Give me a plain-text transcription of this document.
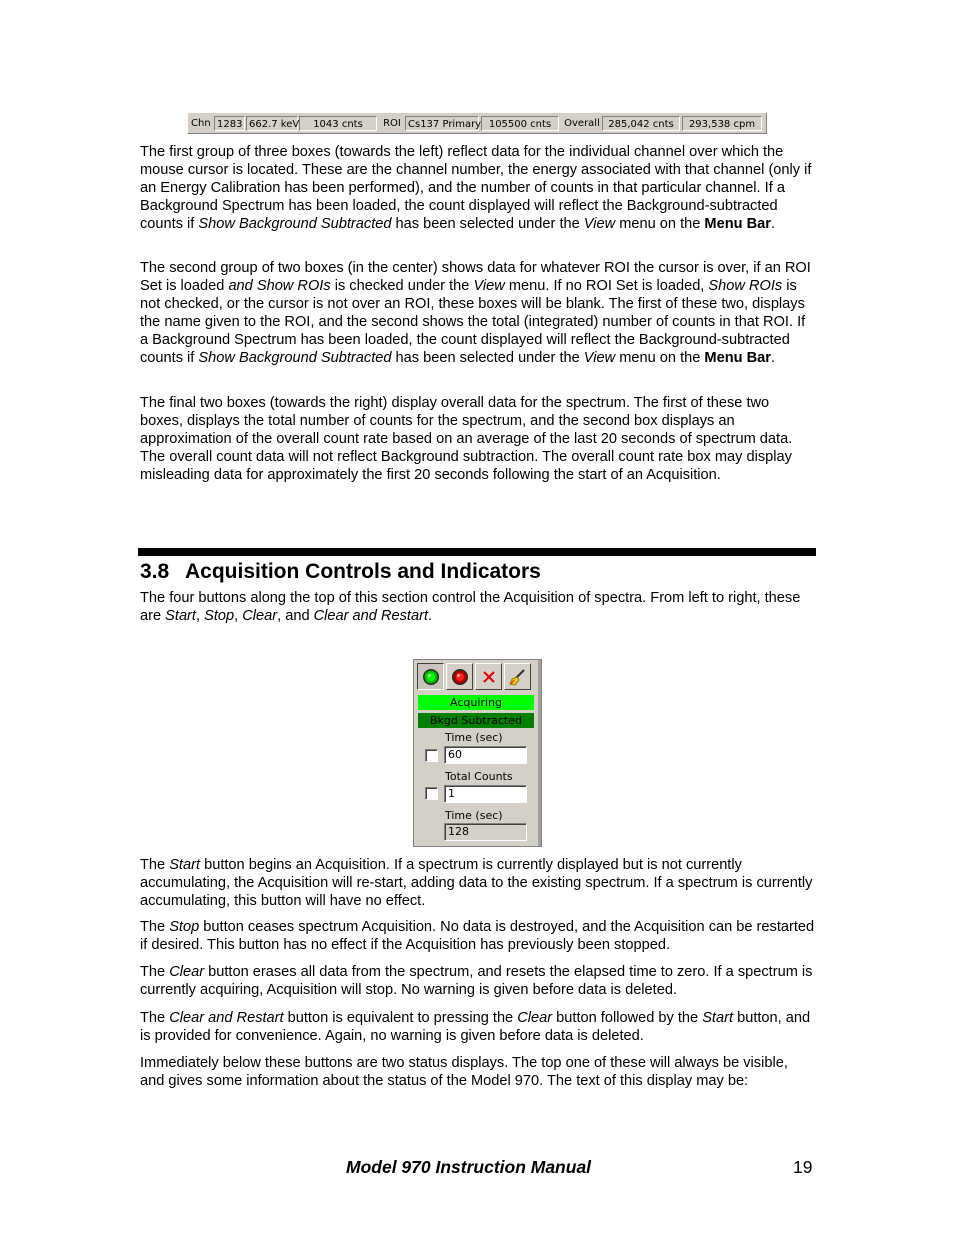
Chn 1283 662.7 keV	1043 cnts	ROI Cs137 Primary 105500 cnts	Overall 285,042 cnts	293,538 cpm

The first group of three boxes (towards the left) reflect data for the individual channel over which the mouse cursor is located. These are the channel number, the energy associated with that channel (only if an Energy Calibration has been performed), and the number of counts in that particular channel. If a Background Spectrum has been loaded, the count displayed will reflect the Background-subtracted counts if Show Background Subtracted has been selected under the View menu on the Menu Bar.

The second group of two boxes (in the center) shows data for whatever ROI the cursor is over, if an ROI Set is loaded and Show ROIs is checked under the View menu. If no ROI Set is loaded, Show ROIs is not checked, or the cursor is not over an ROI, these boxes will be blank. The first of these two, displays the name given to the ROI, and the second shows the total (integrated) number of counts in that ROI. If a Background Spectrum has been loaded, the count displayed will reflect the Background-subtracted counts if Show Background Subtracted has been selected under the View menu on the Menu Bar.

The final two boxes (towards the right) display overall data for the spectrum. The first of these two boxes, displays the total number of counts for the spectrum, and the second box displays an approximation of the overall count rate based on an average of the last 20 seconds of spectrum data. The overall count data will not reflect Background subtraction. The overall count rate box may display misleading data for approximately the first 20 seconds following the start of an Acquisition.

3.8 Acquisition Controls and Indicators

The four buttons along the top of this section control the Acquisition of spectra. From left to right, these are Start, Stop, Clear, and Clear and Restart.

Acquiring
Bkgd Subtracted
Time (sec)
60
Total Counts
1
Time (sec)
128

The Start button begins an Acquisition. If a spectrum is currently displayed but is not currently accumulating, the Acquisition will re-start, adding data to the existing spectrum. If a spectrum is currently accumulating, this button will have no effect.

The Stop button ceases spectrum Acquisition. No data is destroyed, and the Acquisition can be restarted if desired. This button has no effect if the Acquisition has previously been stopped.

The Clear button erases all data from the spectrum, and resets the elapsed time to zero. If a spectrum is currently acquiring, Acquisition will stop. No warning is given before data is deleted.

The Clear and Restart button is equivalent to pressing the Clear button followed by the Start button, and is provided for convenience. Again, no warning is given before data is deleted.

Immediately below these buttons are two status displays. The top one of these will always be visible, and gives some information about the status of the Model 970. The text of this display may be:

Model 970 Instruction Manual	19
